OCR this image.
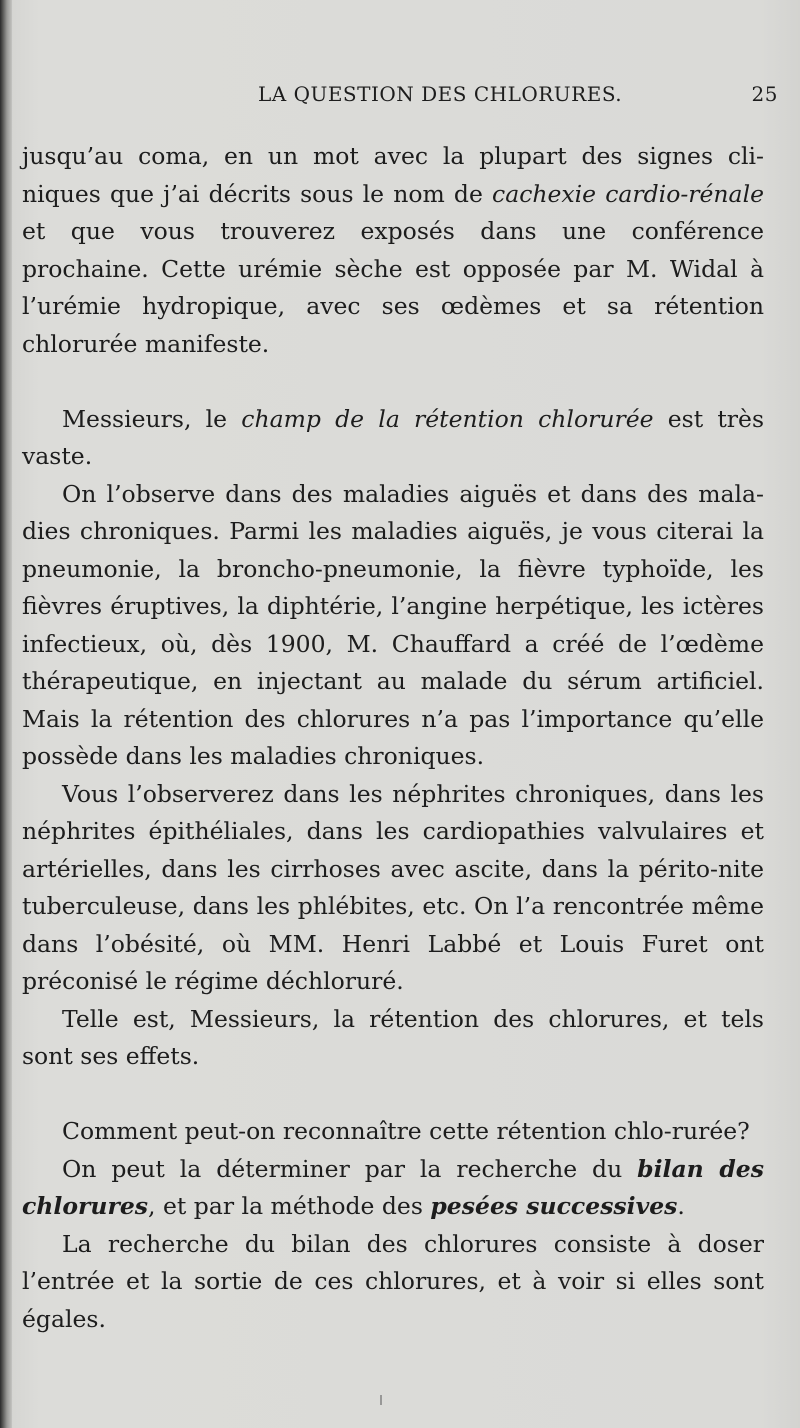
LA QUESTION DES CHLORURES.	25

jusqu’au coma, en un mot avec la plupart des signes cli-niques que j’ai décrits sous le nom de cachexie cardio-rénale et que vous trouverez exposés dans une conférence prochaine. Cette urémie sèche est opposée par M. Widal à l’urémie hydropique, avec ses œdèmes et sa rétention chlorurée manifeste.

Messieurs, le champ de la rétention chlorurée est très vaste.

On l’observe dans des maladies aiguës et dans des mala-dies chroniques. Parmi les maladies aiguës, je vous citerai la pneumonie, la broncho-pneumonie, la fièvre typhoïde, les fièvres éruptives, la diphtérie, l’angine herpétique, les ictères infectieux, où, dès 1900, M. Chauffard a créé de l’œdème thérapeutique, en injectant au malade du sérum artificiel. Mais la rétention des chlorures n’a pas l’importance qu’elle possède dans les maladies chroniques.

Vous l’observerez dans les néphrites chroniques, dans les néphrites épithéliales, dans les cardiopathies valvulaires et artérielles, dans les cirrhoses avec ascite, dans la périto-nite tuberculeuse, dans les phlébites, etc. On l’a rencontrée même dans l’obésité, où MM. Henri Labbé et Louis Furet ont préconisé le régime déchloruré.

Telle est, Messieurs, la rétention des chlorures, et tels sont ses effets.

Comment peut-on reconnaître cette rétention chlo-rurée?

On peut la déterminer par la recherche du bilan des chlorures, et par la méthode des pesées successives.

La recherche du bilan des chlorures consiste à doser l’entrée et la sortie de ces chlorures, et à voir si elles sont égales.
